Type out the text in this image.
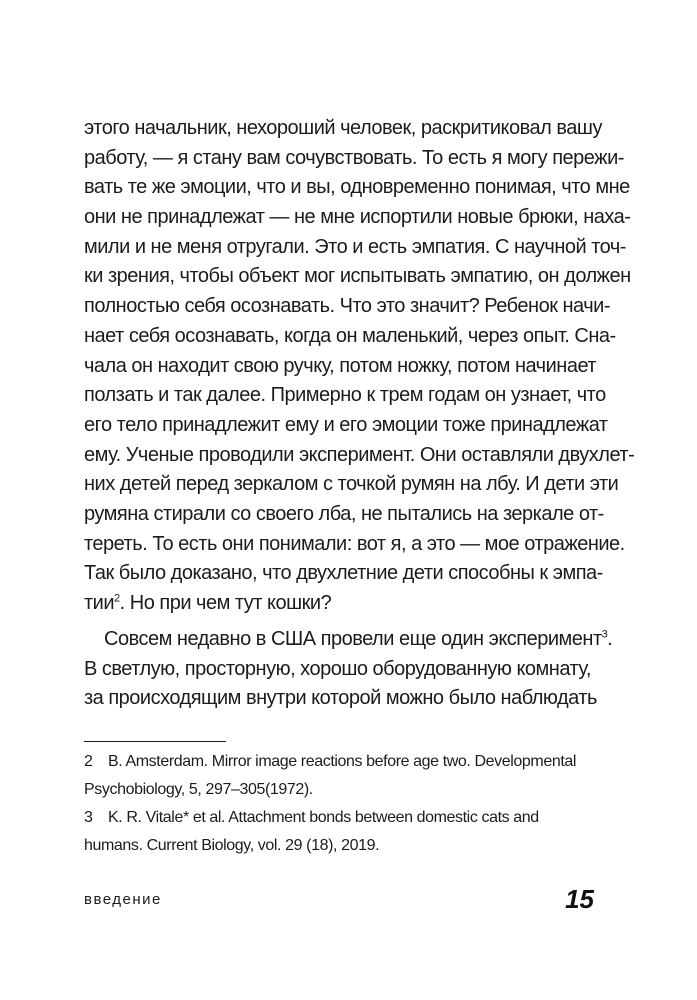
этого начальник, нехороший человек, раскритиковал вашу
работу, — я стану вам сочувствовать. То есть я могу пережи-
вать те же эмоции, что и вы, одновременно понимая, что мне
они не принадлежат — не мне испортили новые брюки, наха-
мили и не меня отругали. Это и есть эмпатия. С научной точ-
ки зрения, чтобы объект мог испытывать эмпатию, он должен
полностью себя осознавать. Что это значит? Ребенок начи-
нает себя осознавать, когда он маленький, через опыт. Сна-
чала он находит свою ручку, потом ножку, потом начинает
ползать и так далее. Примерно к трем годам он узнает, что
его тело принадлежит ему и его эмоции тоже принадлежат
ему. Ученые проводили эксперимент. Они оставляли двухлет-
них детей перед зеркалом с точкой румян на лбу. И дети эти
румяна стирали со своего лба, не пытались на зеркале от-
тереть. То есть они понимали: вот я, а это — мое отражение.
Так было доказано, что двухлетние дети способны к эмпа-
тии$^2$. Но при чем тут кошки?
Совсем недавно в США провели еще один эксперимент$^3$.
В светлую, просторную, хорошо оборудованную комнату,
за происходящим внутри которой можно было наблюдать
2 B. Amsterdam. Mirror image reactions before age two. Developmental
Psychobiology, 5, 297–305(1972).
3 K. R. Vitale* et al. Attachment bonds between domestic cats and
humans. Current Biology, vol. 29 (18), 2019.
введение	15
